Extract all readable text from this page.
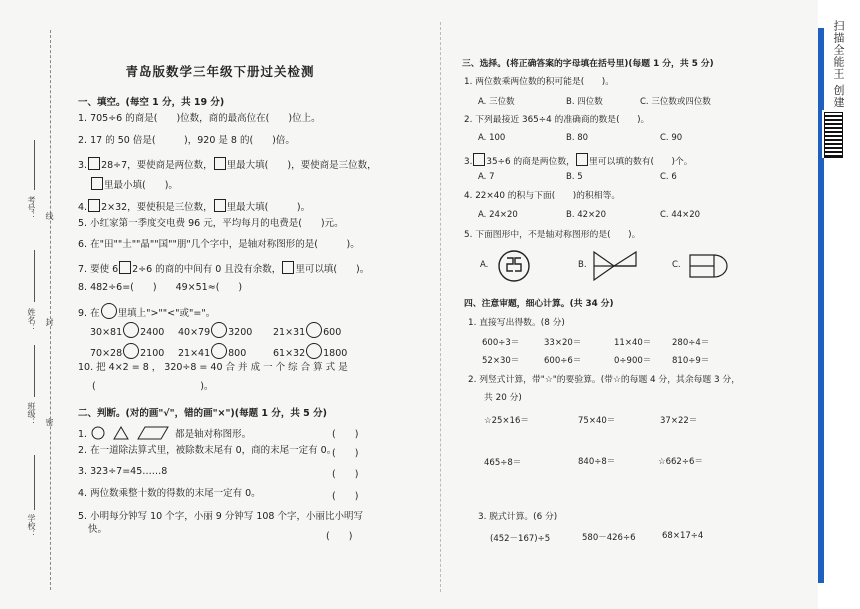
考号： 线
姓名： 封
班级： 密
学校：
青岛版数学三年级下册过关检测
一、填空。(每空 1 分，共 19 分)
1. 705÷6 的商是(　　)位数，商的最高位在(　　)位上。
2. 17 的 50 倍是(　　　)，920 是 8 的(　　)倍。
3. 28÷7，要使商是两位数， 里最大填(　　)，要使商是三位数，
里最小填(　　)。
4. 2×32，要使积是三位数， 里最大填(　　　)。
5. 小红家第一季度交电费 96 元，平均每月的电费是(　　)元。
6. 在"田""土""晶""国""朋"几个字中，是轴对称图形的是(　　　)。
7. 要使 6 2÷6 的商的中间有 0 且没有余数， 里可以填(　　)。
8. 482÷6=(　　)　　49×51≈(　　)
9. 在 里填上">""<"或"="。
30×81 2400 40×79 3200 21×31 600
70×28 2100 21×41 800	61×32 1800
10. 把 4×2 = 8 ， 320÷8 = 40 合 并 成 一 个 综 合 算 式 是
(　　　　　　　　　　　)。
二、判断。(对的画"√"，错的画"×")(每题 1 分，共 5 分)
1.	都是轴对称图形。	(　　)
2. 在一道除法算式里，被除数末尾有 0，商的末尾一定有 0。
(　　)
3. 323÷7=45……8	(　　)
4. 两位数乘整十数的得数的末尾一定有 0。	(　　)
5. 小明每分钟写 10 个字，小丽 9 分钟写 108 个字，小丽比小明写
快。
(　　)
三、选择。(将正确答案的字母填在括号里)(每题 1 分，共 5 分)
1. 两位数乘两位数的积可能是(　　)。
A. 三位数	B. 四位数	C. 三位数或四位数
2. 下列最接近 365÷4 的准确商的数是(　　)。
A. 100	B. 80	C. 90
3. 35÷6 的商是两位数， 里可以填的数有(　　)个。
A. 7	B. 5	C. 6
4. 22×40 的积与下面(　　)的积相等。
A. 24×20	B. 42×20	C. 44×20
5. 下面图形中，不是轴对称图形的是(　　)。
A.	B.	C.
四、注意审题，细心计算。(共 34 分)
1. 直接写出得数。(8 分)
600÷3＝	33×20＝	11×40＝ 280÷4＝
52×30＝	600÷6＝	0÷900＝ 810÷9＝
2. 列竖式计算，带"☆"的要验算。(带☆的每题 4 分，其余每题 3 分，
共 20 分)
☆25×16＝	75×40＝	37×22＝
465÷8＝	840÷8＝	☆662÷6＝
3. 脱式计算。(6 分)
(452－167)÷5	580－426÷6	68×17÷4
扫描全能王 创建
